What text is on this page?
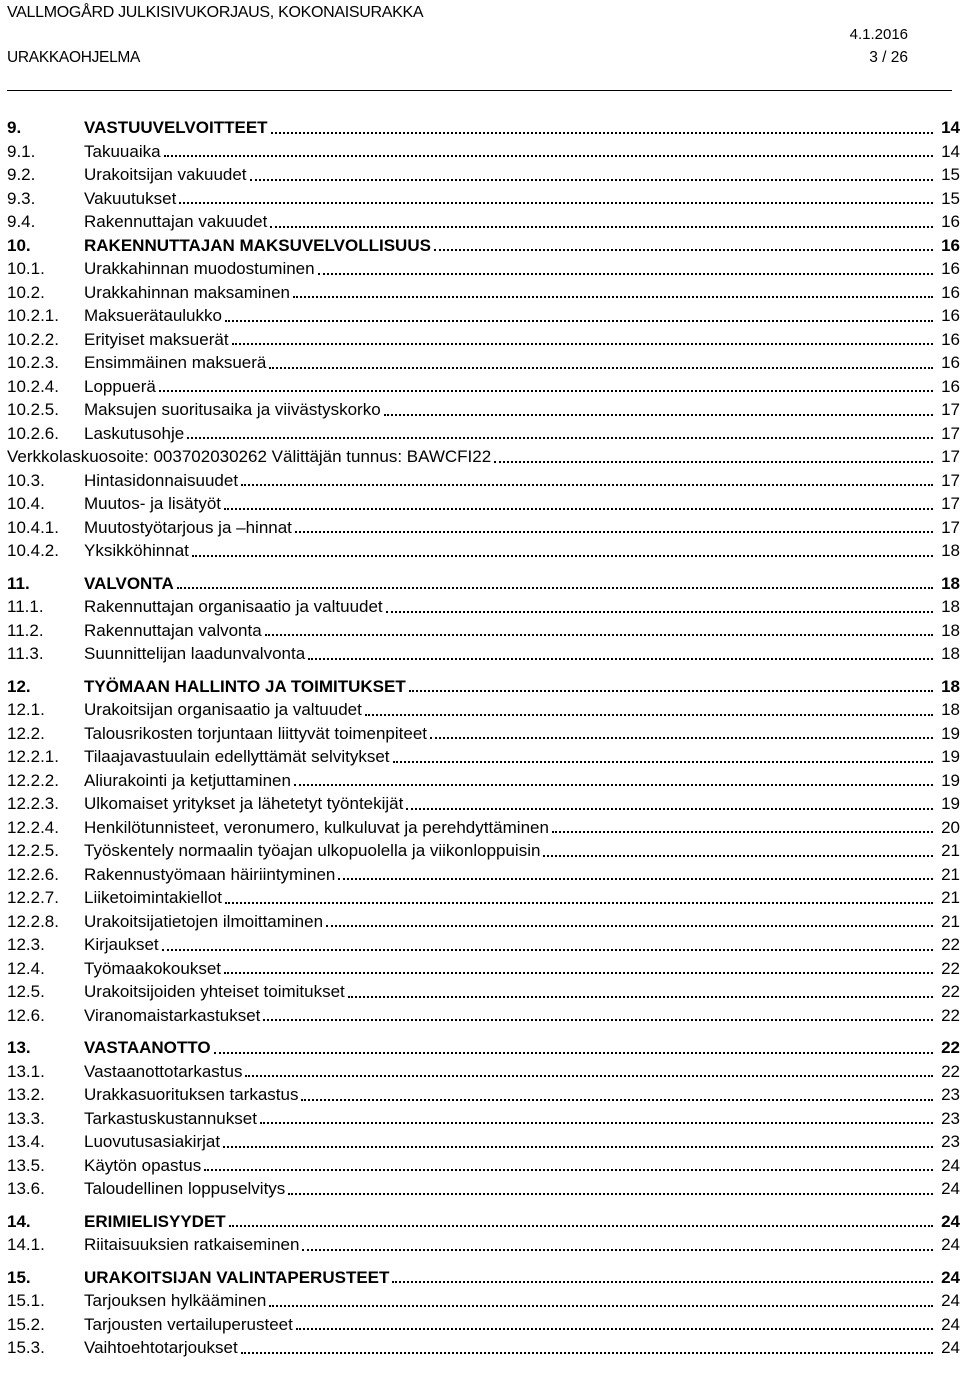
VALLMOGÅRD JULKISIVUKORJAUS, KOKONAISURAKKA
4.1.2016
URAKKAOHJELMA	3 / 26
9.	VASTUUVELVOITTEET	14
9.1.	Takuuaika	14
9.2.	Urakoitsijan vakuudet	15
9.3.	Vakuutukset	15
9.4.	Rakennuttajan vakuudet	16
10.	RAKENNUTTAJAN MAKSUVELVOLLISUUS	16
10.1.	Urakkahinnan muodostuminen	16
10.2.	Urakkahinnan maksaminen	16
10.2.1.	Maksuerätaulukko	16
10.2.2.	Erityiset maksuerät	16
10.2.3.	Ensimmäinen maksuerä	16
10.2.4.	Loppuerä	16
10.2.5.	Maksujen suoritusaika ja viivästyskorko	17
10.2.6.	Laskutusohje	17
Verkkolaskuosoite: 003702030262 Välittäjän tunnus: BAWCFI22	17
10.3.	Hintasidonnaisuudet	17
10.4.	Muutos- ja lisätyöt	17
10.4.1.	Muutostyötarjous ja –hinnat	17
10.4.2.	Yksikköhinnat	18
11.	VALVONTA	18
11.1.	Rakennuttajan organisaatio ja valtuudet	18
11.2.	Rakennuttajan valvonta	18
11.3.	Suunnittelijan laadunvalvonta	18
12.	TYÖMAAN HALLINTO JA TOIMITUKSET	18
12.1.	Urakoitsijan organisaatio ja valtuudet	18
12.2.	Talousrikosten torjuntaan liittyvät toimenpiteet	19
12.2.1.	Tilaajavastuulain edellyttämät selvitykset	19
12.2.2.	Aliurakointi ja ketjuttaminen	19
12.2.3.	Ulkomaiset yritykset ja lähetetyt työntekijät	19
12.2.4.	Henkilötunnisteet, veronumero, kulkuluvat ja perehdyttäminen	20
12.2.5.	Työskentely normaalin työajan ulkopuolella ja viikonloppuisin	21
12.2.6.	Rakennustyömaan häiriintyminen	21
12.2.7.	Liiketoimintakiellot	21
12.2.8.	Urakoitsijatietojen ilmoittaminen	21
12.3.	Kirjaukset	22
12.4.	Työmaakokoukset	22
12.5.	Urakoitsijoiden yhteiset toimitukset	22
12.6.	Viranomaistarkastukset	22
13.	VASTAANOTTO	22
13.1.	Vastaanottotarkastus	22
13.2.	Urakkasuorituksen tarkastus	23
13.3.	Tarkastuskustannukset	23
13.4.	Luovutusasiakirjat	23
13.5.	Käytön opastus	24
13.6.	Taloudellinen loppuselvitys	24
14.	ERIMIELISYYDET	24
14.1.	Riitaisuuksien ratkaiseminen	24
15.	URAKOITSIJAN VALINTAPERUSTEET	24
15.1.	Tarjouksen hylkääminen	24
15.2.	Tarjousten vertailuperusteet	24
15.3.	Vaihtoehtotarjoukset	24
